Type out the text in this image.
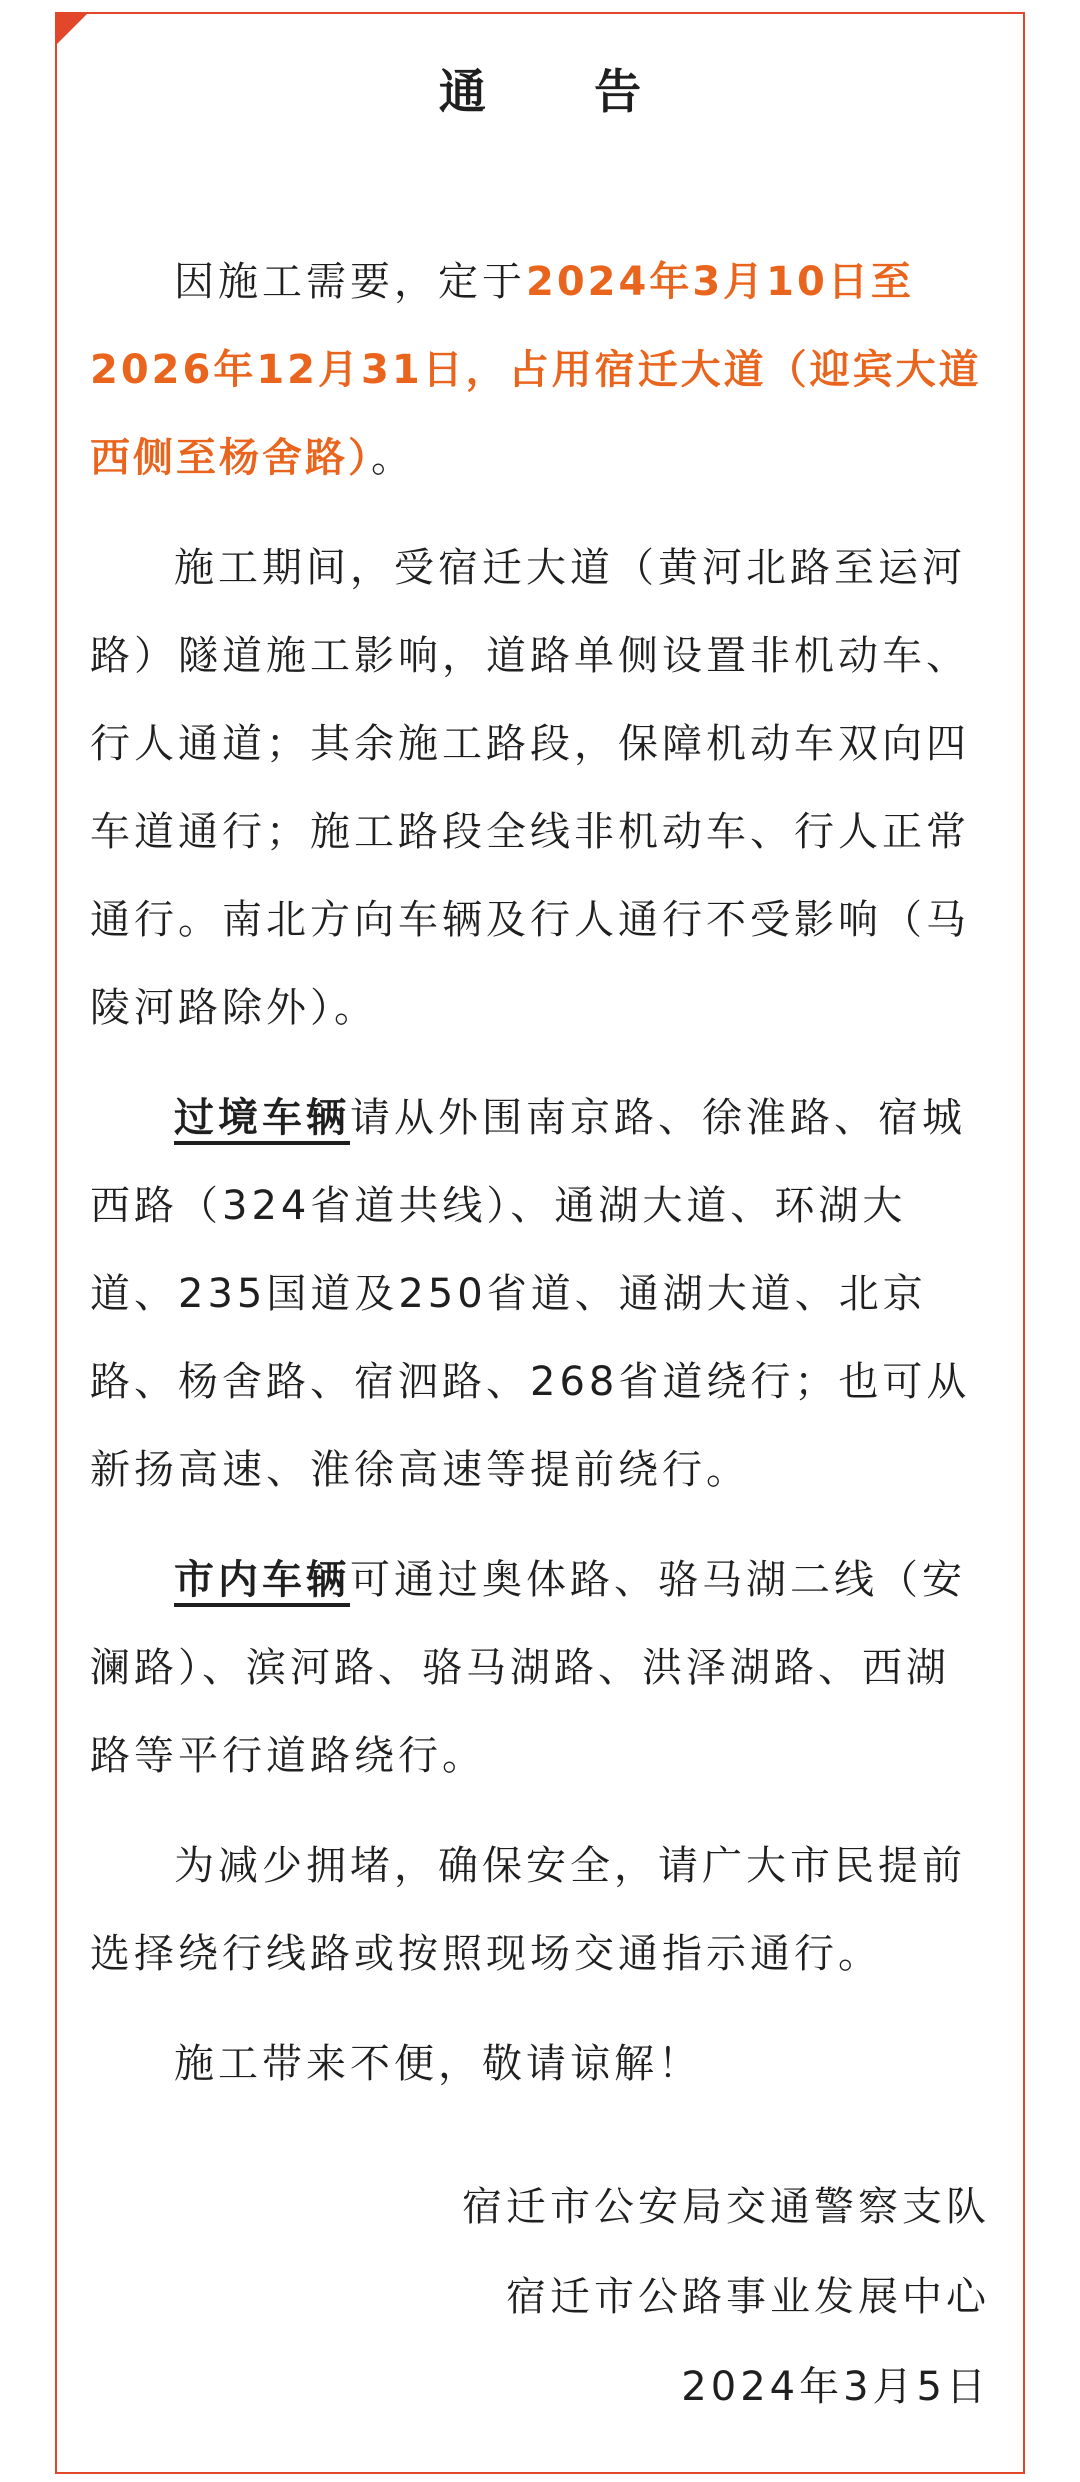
通 告

因施工需要，定于2024年3月10日至2026年12月31日，占用宿迁大道（迎宾大道西侧至杨舍路）。

施工期间，受宿迁大道（黄河北路至运河路）隧道施工影响，道路单侧设置非机动车、行人通道；其余施工路段，保障机动车双向四车道通行；施工路段全线非机动车、行人正常通行。南北方向车辆及行人通行不受影响（马陵河路除外）。

过境车辆请从外围南京路、徐淮路、宿城西路（324省道共线）、通湖大道、环湖大道、235国道及250省道、通湖大道、北京路、杨舍路、宿泗路、268省道绕行；也可从新扬高速、淮徐高速等提前绕行。

市内车辆可通过奥体路、骆马湖二线（安澜路）、滨河路、骆马湖路、洪泽湖路、西湖路等平行道路绕行。

为减少拥堵，确保安全，请广大市民提前选择绕行线路或按照现场交通指示通行。

施工带来不便，敬请谅解！

宿迁市公安局交通警察支队
宿迁市公路事业发展中心
2024年3月5日
